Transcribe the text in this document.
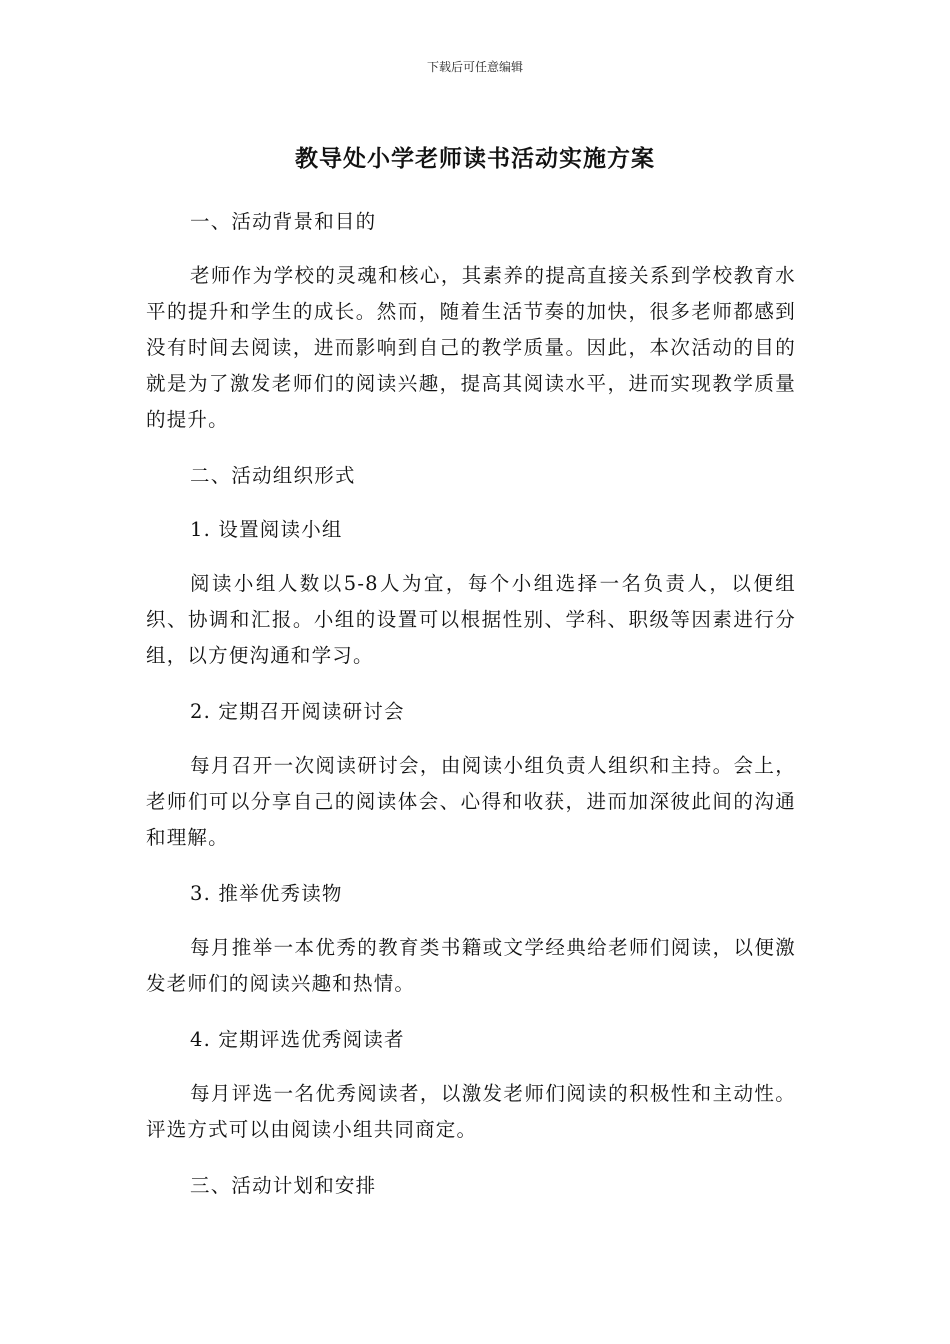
下载后可任意编辑
教导处小学老师读书活动实施方案

一、活动背景和目的

老师作为学校的灵魂和核心，其素养的提高直接关系到学校教育水平的提升和学生的成长。然而，随着生活节奏的加快，很多老师都感到没有时间去阅读，进而影响到自己的教学质量。因此，本次活动的目的就是为了激发老师们的阅读兴趣，提高其阅读水平，进而实现教学质量的提升。

二、活动组织形式

1. 设置阅读小组

阅读小组人数以5-8人为宜，每个小组选择一名负责人，以便组织、协调和汇报。小组的设置可以根据性别、学科、职级等因素进行分组，以方便沟通和学习。

2. 定期召开阅读研讨会

每月召开一次阅读研讨会，由阅读小组负责人组织和主持。会上，老师们可以分享自己的阅读体会、心得和收获，进而加深彼此间的沟通和理解。

3. 推举优秀读物

每月推举一本优秀的教育类书籍或文学经典给老师们阅读，以便激发老师们的阅读兴趣和热情。

4. 定期评选优秀阅读者

每月评选一名优秀阅读者，以激发老师们阅读的积极性和主动性。评选方式可以由阅读小组共同商定。

三、活动计划和安排
